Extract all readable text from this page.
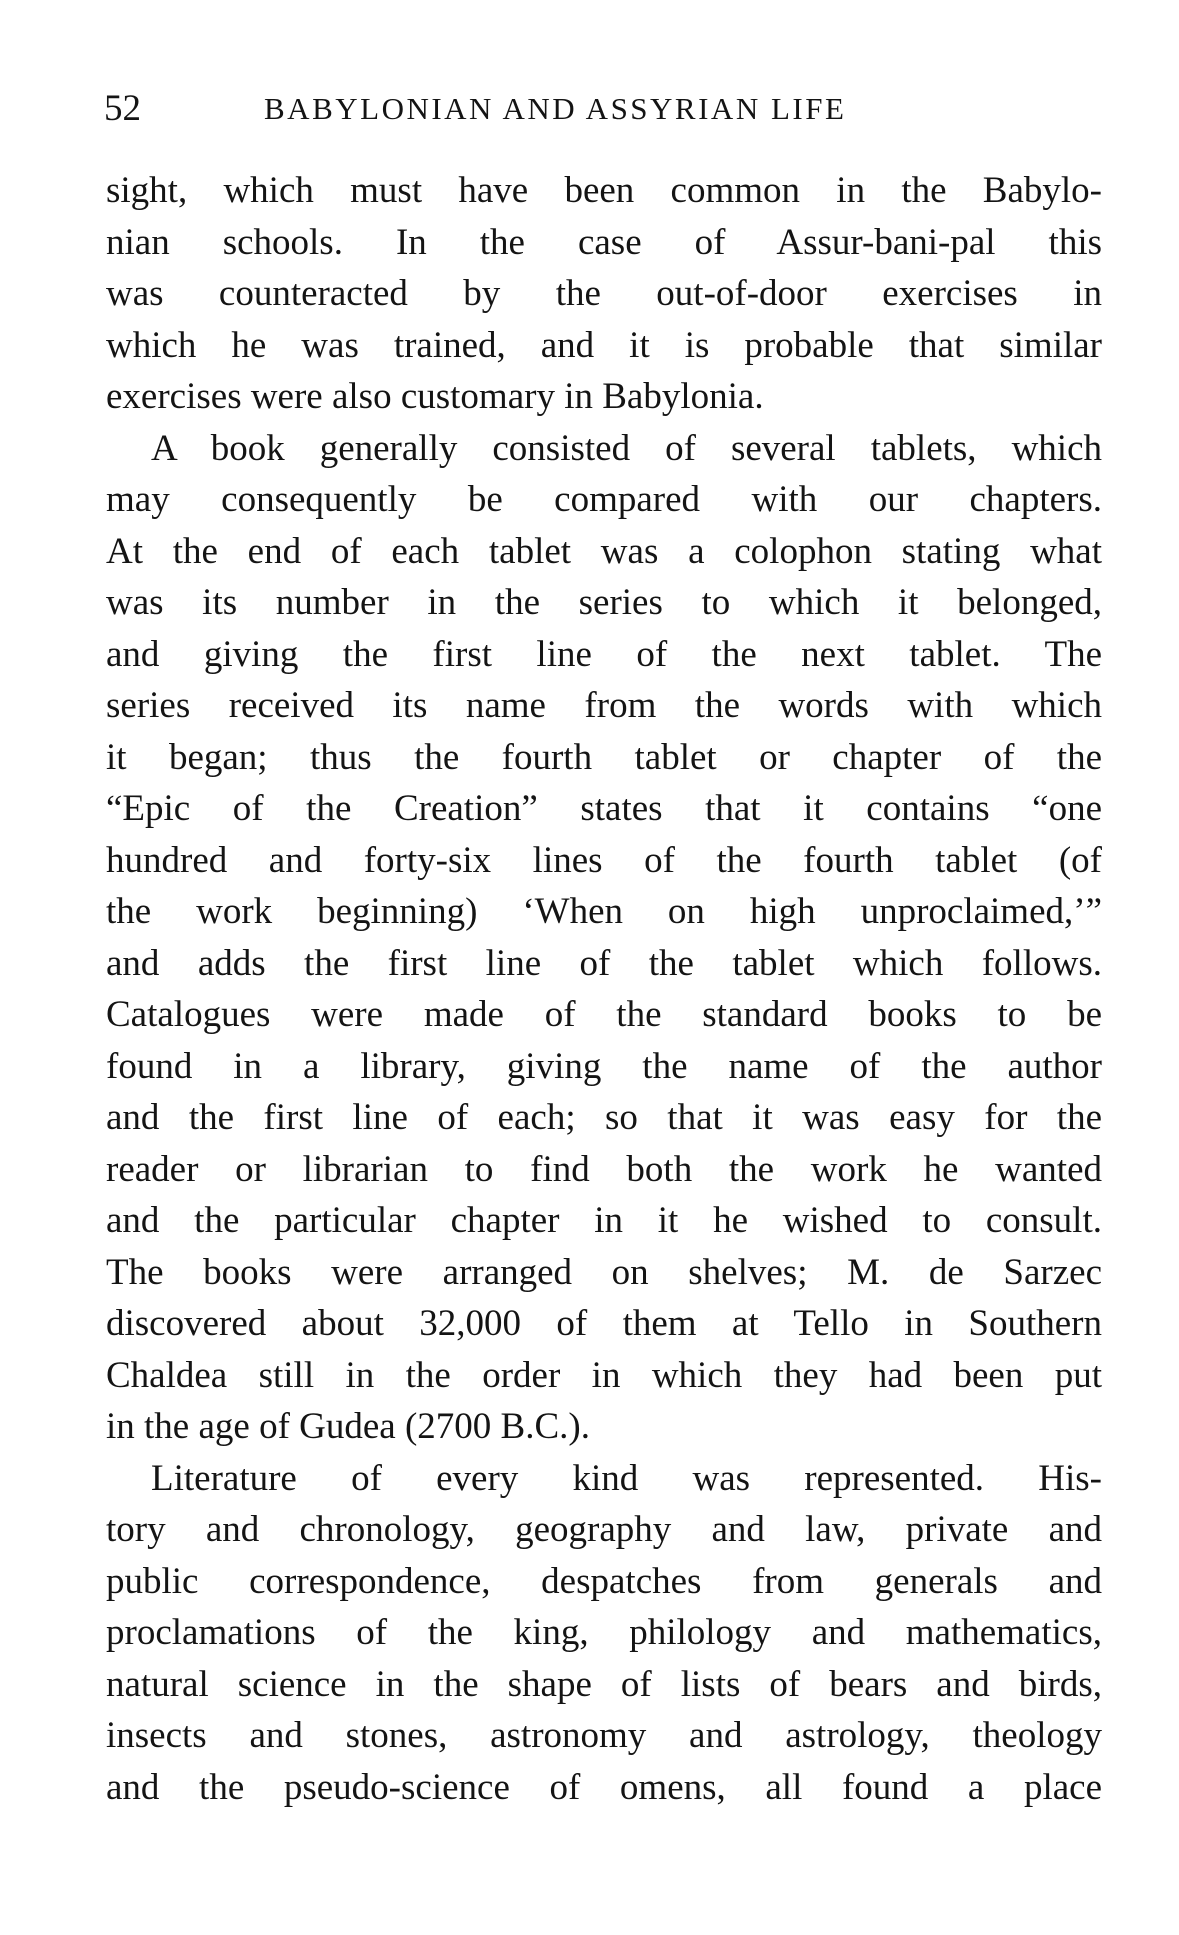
52	BABYLONIAN AND ASSYRIAN LIFE
sight, which must have been common in the Babylo-
nian schools. In the case of Assur-bani-pal this
was counteracted by the out-of-door exercises in
which he was trained, and it is probable that similar
exercises were also customary in Babylonia.
A book generally consisted of several tablets, which
may consequently be compared with our chapters.
At the end of each tablet was a colophon stating what
was its number in the series to which it belonged,
and giving the first line of the next tablet. The
series received its name from the words with which
it began; thus the fourth tablet or chapter of the
“Epic of the Creation” states that it contains “one
hundred and forty-six lines of the fourth tablet (of
the work beginning) ‘When on high unproclaimed,’”
and adds the first line of the tablet which follows.
Catalogues were made of the standard books to be
found in a library, giving the name of the author
and the first line of each; so that it was easy for the
reader or librarian to find both the work he wanted
and the particular chapter in it he wished to consult.
The books were arranged on shelves; M. de Sarzec
discovered about 32,000 of them at Tello in Southern
Chaldea still in the order in which they had been put
in the age of Gudea (2700 B.C.).
Literature of every kind was represented. His-
tory and chronology, geography and law, private and
public correspondence, despatches from generals and
proclamations of the king, philology and mathematics,
natural science in the shape of lists of bears and birds,
insects and stones, astronomy and astrology, theology
and the pseudo-science of omens, all found a place
